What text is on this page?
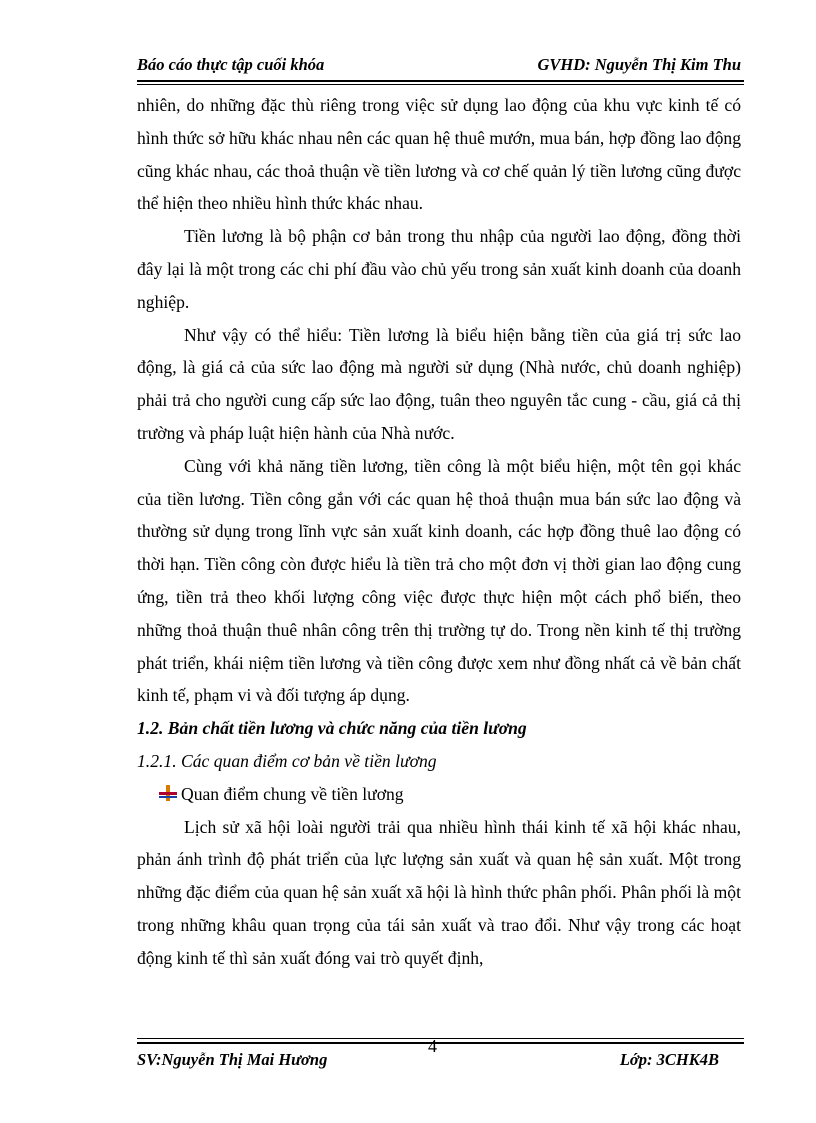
Báo cáo thực tập cuối khóa	GVHD: Nguyễn Thị Kim Thu

nhiên, do những đặc thù riêng trong việc sử dụng lao động của khu vực kinh tế có hình thức sở hữu khác nhau nên các quan hệ thuê mướn, mua bán, hợp đồng lao động cũng khác nhau, các thoả thuận về tiền lương và cơ chế quản lý tiền lương cũng được thể hiện theo nhiều hình thức khác nhau.

Tiền lương là bộ phận cơ bản trong thu nhập của người lao động, đồng thời đây lại là một trong các chi phí đầu vào chủ yếu trong sản xuất kinh doanh của doanh nghiệp.

Như vậy có thể hiểu: Tiền lương là biểu hiện bằng tiền của giá trị sức lao động, là giá cả của sức lao động mà người sử dụng (Nhà nước, chủ doanh nghiệp) phải trả cho người cung cấp sức lao động, tuân theo nguyên tắc cung - cầu, giá cả thị trường và pháp luật hiện hành của Nhà nước.

Cùng với khả năng tiền lương, tiền công là một biểu hiện, một tên gọi khác của tiền lương. Tiền công gắn với các quan hệ thoả thuận mua bán sức lao động và thường sử dụng trong lĩnh vực sản xuất kinh doanh, các hợp đồng thuê lao động có thời hạn. Tiền công còn được hiểu là tiền trả cho một đơn vị thời gian lao động cung ứng, tiền trả theo khối lượng công việc được thực hiện một cách phổ biến, theo những thoả thuận thuê nhân công trên thị trường tự do. Trong nền kinh tế thị trường phát triển, khái niệm tiền lương và tiền công được xem như đồng nhất cả về bản chất kinh tế, phạm vi và đối tượng áp dụng.

1.2. Bản chất tiền lương và chức năng của tiền lương

1.2.1. Các quan điểm cơ bản về tiền lương

Quan điểm chung về tiền lương

Lịch sử xã hội loài người trải qua nhiều hình thái kinh tế xã hội khác nhau, phản ánh trình độ phát triển của lực lượng sản xuất và quan hệ sản xuất. Một trong những đặc điểm của quan hệ sản xuất xã hội là hình thức phân phối. Phân phối là một trong những khâu quan trọng của tái sản xuất và trao đổi. Như vậy trong các hoạt động kinh tế thì sản xuất đóng vai trò quyết định,

4
SV:Nguyễn Thị Mai Hương	Lớp: 3CHK4B
